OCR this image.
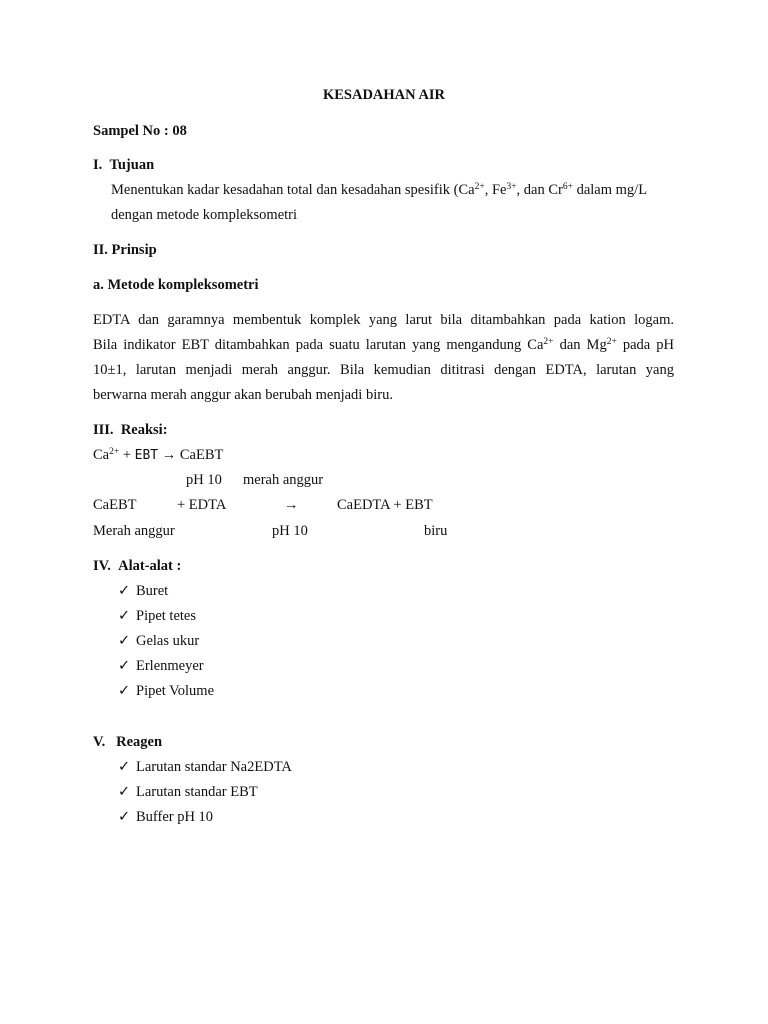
KESADAHAN AIR
Sampel No : 08
I. Tujuan
Menentukan kadar kesadahan total dan kesadahan spesifik ($Ca^{2+}$, $Fe^{3+}$, dan $Cr^{6+}$ dalam mg/L
dengan metode kompleksometri
II. Prinsip
a. Metode kompleksometri
EDTA dan garamnya membentuk komplek yang larut bila ditambahkan pada kation logam.
Bila indikator EBT ditambahkan pada suatu larutan yang mengandung $Ca^{2+}$ dan $Mg^{2+}$ pada pH
10±1, larutan menjadi merah anggur. Bila kemudian dititrasi dengan EDTA, larutan yang
berwarna merah anggur akan berubah menjadi biru.
III. Reaksi:
$Ca^{2+}$ + EBT → CaEBT
pH 10 merah anggur
CaEBT	+ EDTA	→	CaEDTA + EBT
Merah anggur	pH 10	biru
IV. Alat-alat :
✓ Buret
✓ Pipet tetes
✓ Gelas ukur
✓ Erlenmeyer
✓ Pipet Volume
V. Reagen
✓ Larutan standar Na2EDTA
✓ Larutan standar EBT
✓ Buffer pH 10
